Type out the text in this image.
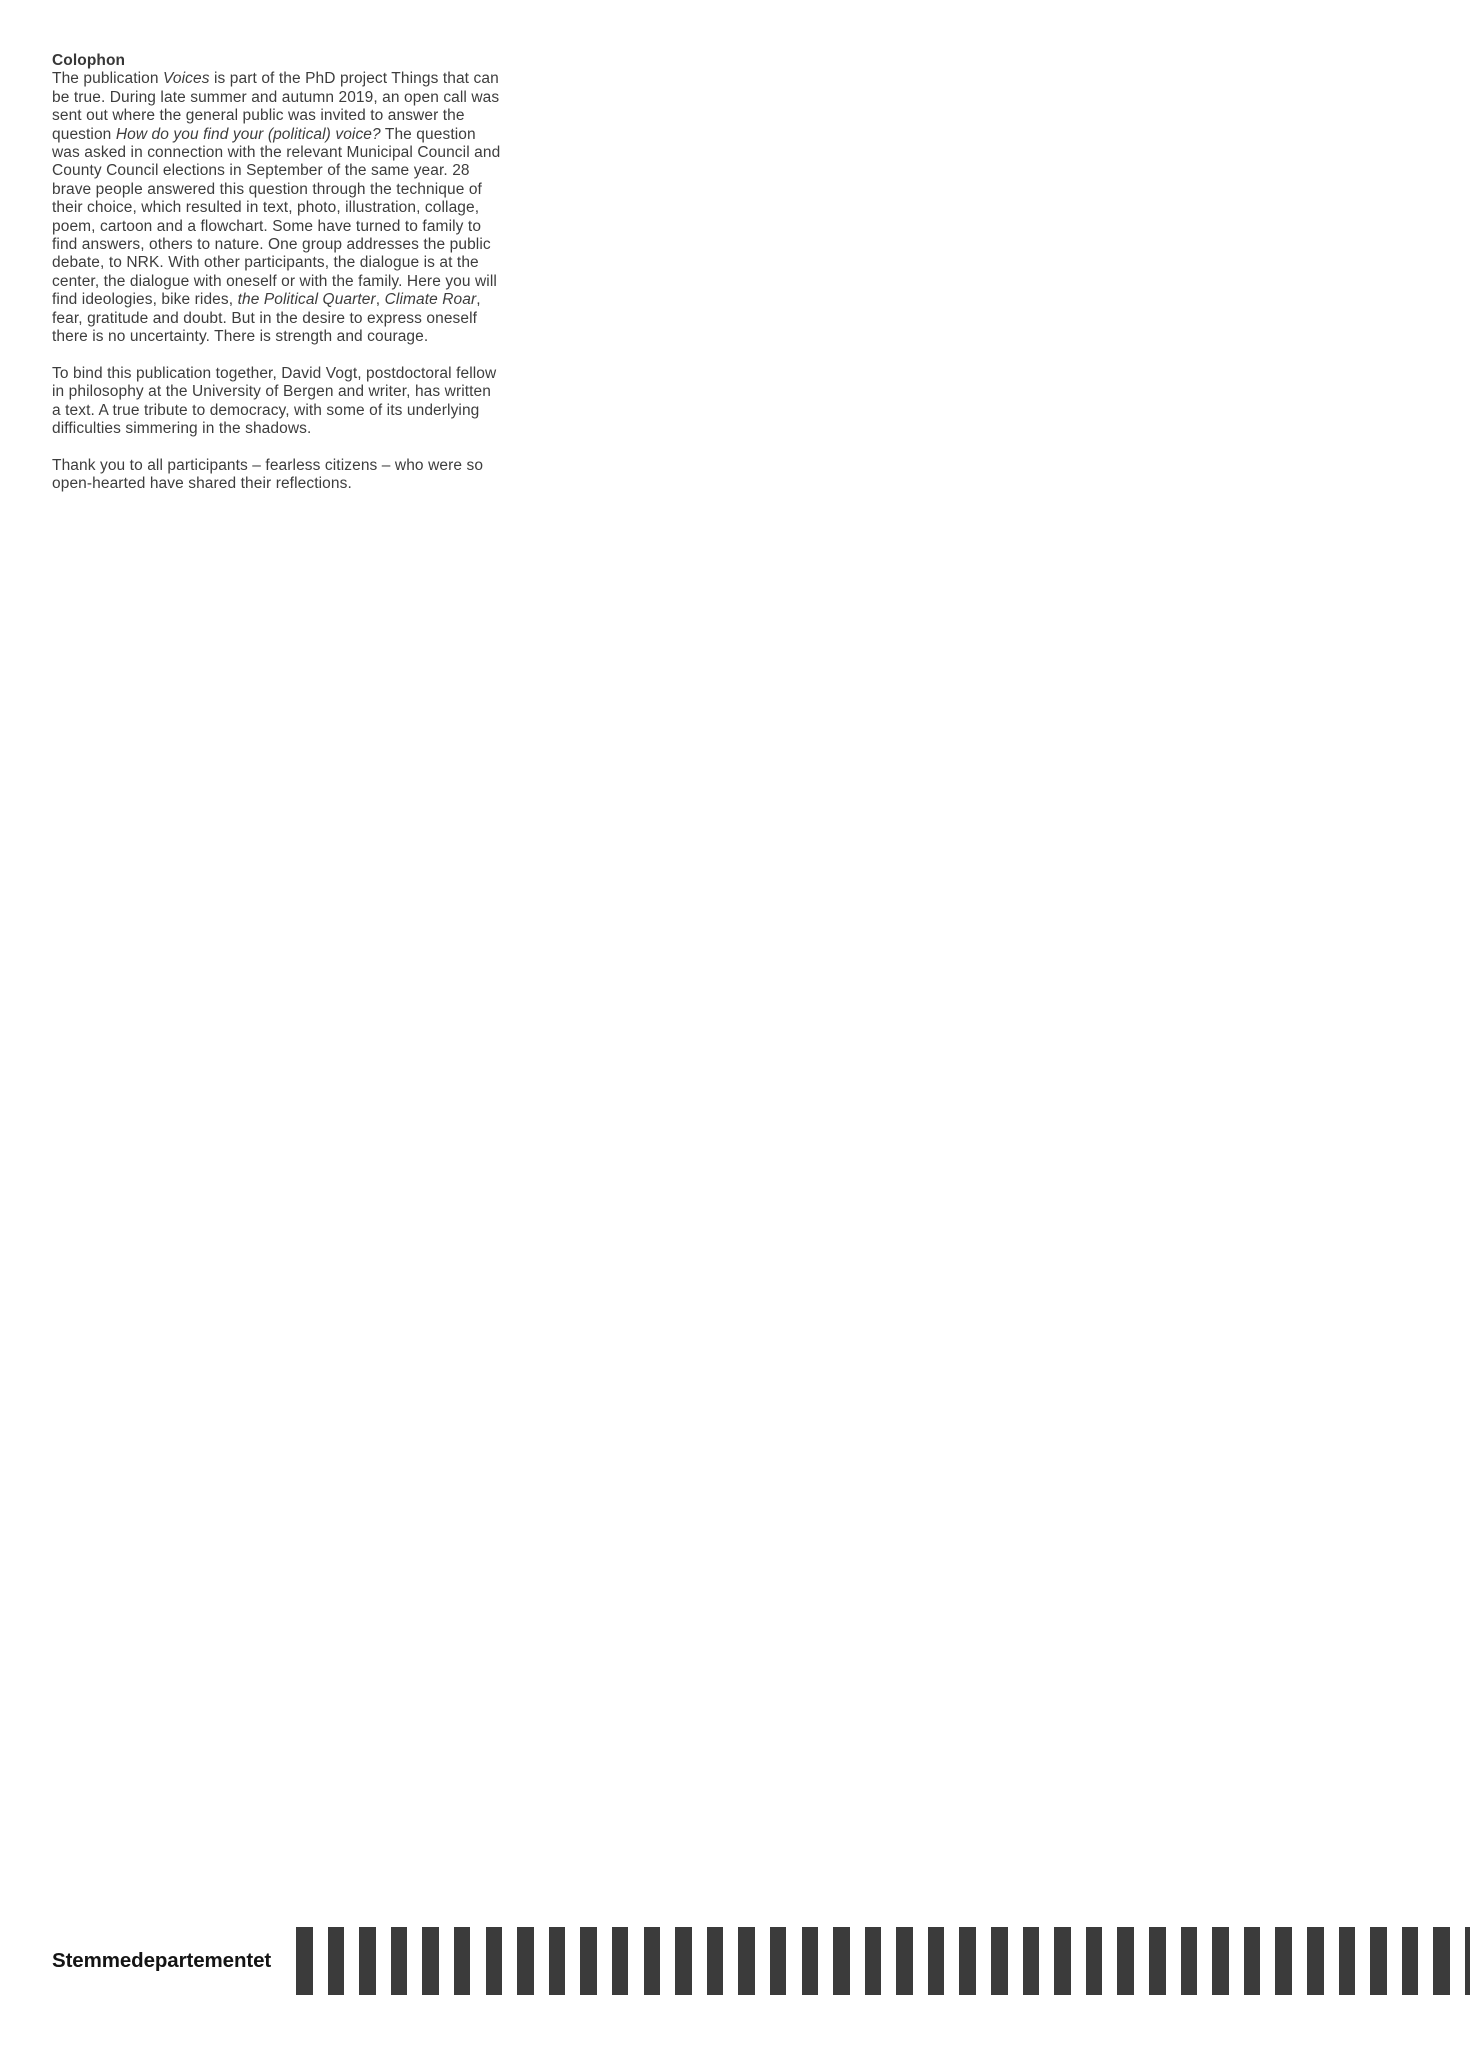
Colophon

The publication Voices is part of the PhD project Things that can be true. During late summer and autumn 2019, an open call was sent out where the general public was invited to answer the question How do you find your (political) voice? The question was asked in connection with the relevant Municipal Council and County Council elections in September of the same year. 28 brave people answered this question through the technique of their choice, which resulted in text, photo, illustration, collage, poem, cartoon and a flowchart. Some have turned to family to find answers, others to nature. One group addresses the public debate, to NRK. With other participants, the dialogue is at the center, the dialogue with oneself or with the family. Here you will find ideologies, bike rides, the Political Quarter, Climate Roar, fear, gratitude and doubt. But in the desire to express oneself there is no uncertainty. There is strength and courage.

To bind this publication together, David Vogt, postdoctoral fellow in philosophy at the University of Bergen and writer, has written a text. A true tribute to democracy, with some of its underlying difficulties simmering in the shadows.

Thank you to all participants – fearless citizens – who were so open-hearted have shared their reflections.

Stemmedepartementet
